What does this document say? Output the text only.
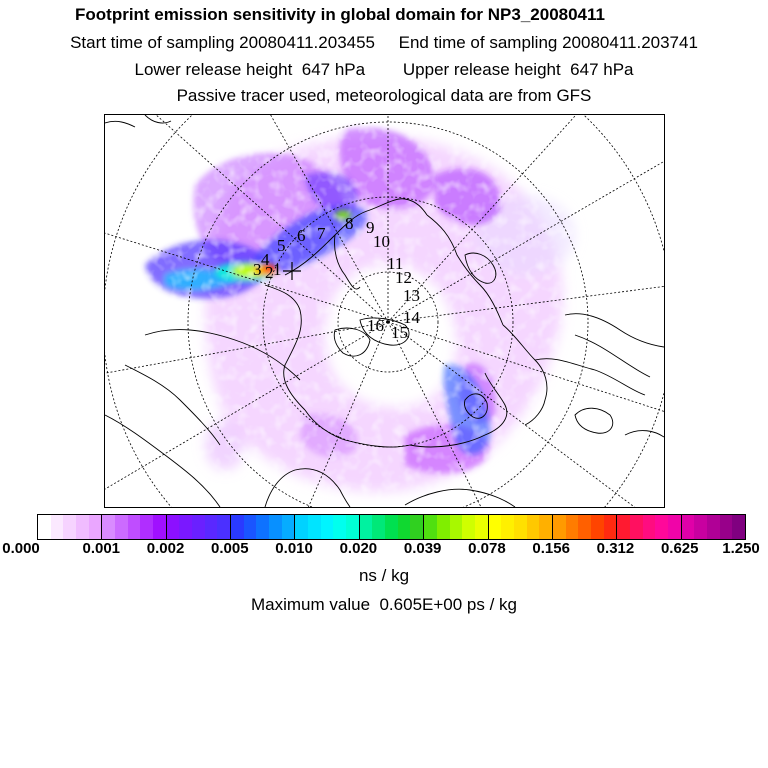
Footprint emission sensitivity in global domain for NP3_20080411
Start time of sampling 20080411.203455     End time of sampling 20080411.203741
Lower release height  647 hPa        Upper release height  647 hPa
Passive tracer used, meteorological data are from GFS
1
2
3
4
5
6 7
8 9
10
11
12
13
14
15
16
0.000	0.001 0.002 0.005 0.010 0.020 0.039 0.078 0.156 0.312 0.625 1.250
ns / kg
Maximum value  0.605E+00 ps / kg
